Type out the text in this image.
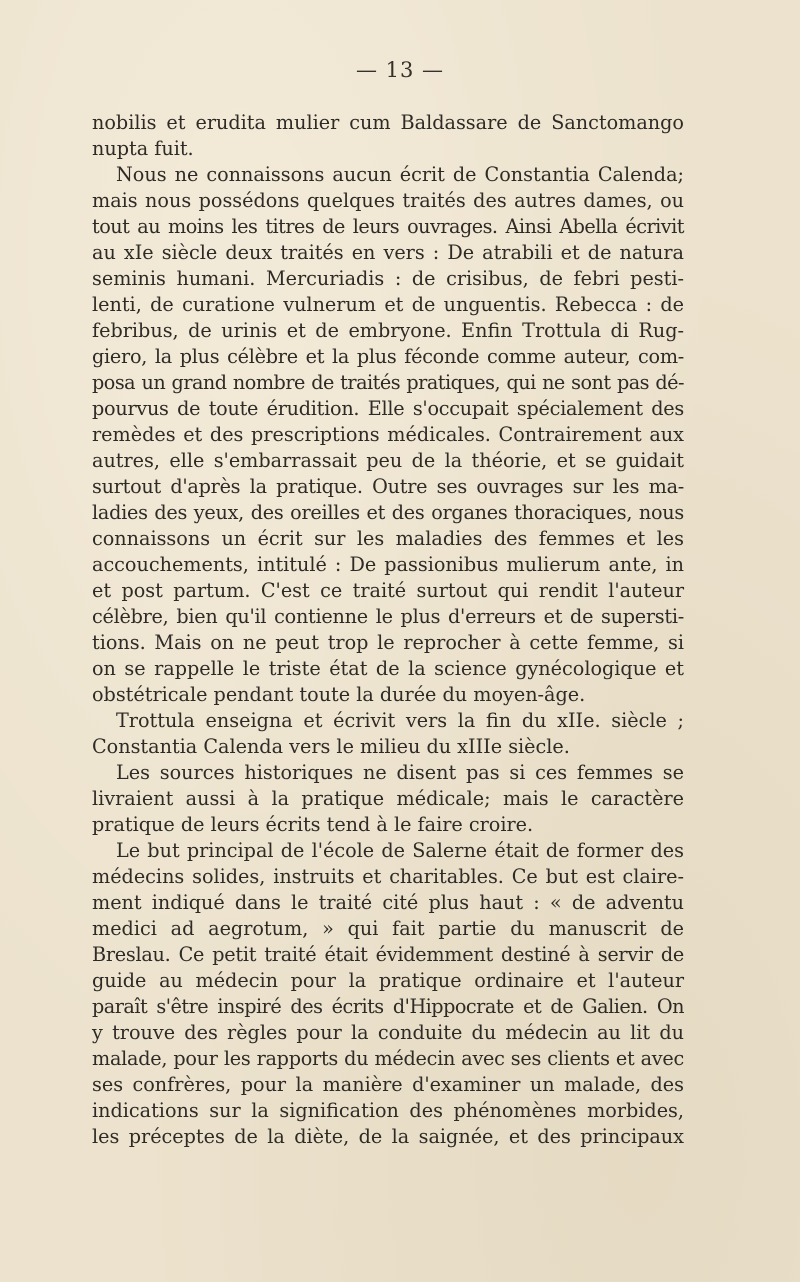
— 13 —
nobilis et erudita mulier cum Baldassare de Sanctomango
nupta fuit.
Nous ne connaissons aucun écrit de Constantia Calenda;
mais nous possédons quelques traités des autres dames, ou
tout au moins les titres de leurs ouvrages. Ainsi Abella écrivit
au xIe siècle deux traités en vers : De atrabili et de natura
seminis humani. Mercuriadis : de crisibus, de febri pesti-
lenti, de curatione vulnerum et de unguentis. Rebecca : de
febribus, de urinis et de embryone. Enfin Trottula di Rug-
giero, la plus célèbre et la plus féconde comme auteur, com-
posa un grand nombre de traités pratiques, qui ne sont pas dé-
pourvus de toute érudition. Elle s'occupait spécialement des
remèdes et des prescriptions médicales. Contrairement aux
autres, elle s'embarrassait peu de la théorie, et se guidait
surtout d'après la pratique. Outre ses ouvrages sur les ma-
ladies des yeux, des oreilles et des organes thoraciques, nous
connaissons un écrit sur les maladies des femmes et les
accouchements, intitulé : De passionibus mulierum ante, in
et post partum. C'est ce traité surtout qui rendit l'auteur
célèbre, bien qu'il contienne le plus d'erreurs et de supersti-
tions. Mais on ne peut trop le reprocher à cette femme, si
on se rappelle le triste état de la science gynécologique et
obstétricale pendant toute la durée du moyen-âge.
Trottula enseigna et écrivit vers la fin du xIIe. siècle ;
Constantia Calenda vers le milieu du xIIIe siècle.
Les sources historiques ne disent pas si ces femmes se
livraient aussi à la pratique médicale; mais le caractère
pratique de leurs écrits tend à le faire croire.
Le but principal de l'école de Salerne était de former des
médecins solides, instruits et charitables. Ce but est claire-
ment indiqué dans le traité cité plus haut : « de adventu
medici ad aegrotum, » qui fait partie du manuscrit de
Breslau. Ce petit traité était évidemment destiné à servir de
guide au médecin pour la pratique ordinaire et l'auteur
paraît s'être inspiré des écrits d'Hippocrate et de Galien. On
y trouve des règles pour la conduite du médecin au lit du
malade, pour les rapports du médecin avec ses clients et avec
ses confrères, pour la manière d'examiner un malade, des
indications sur la signification des phénomènes morbides,
les préceptes de la diète, de la saignée, et des principaux
